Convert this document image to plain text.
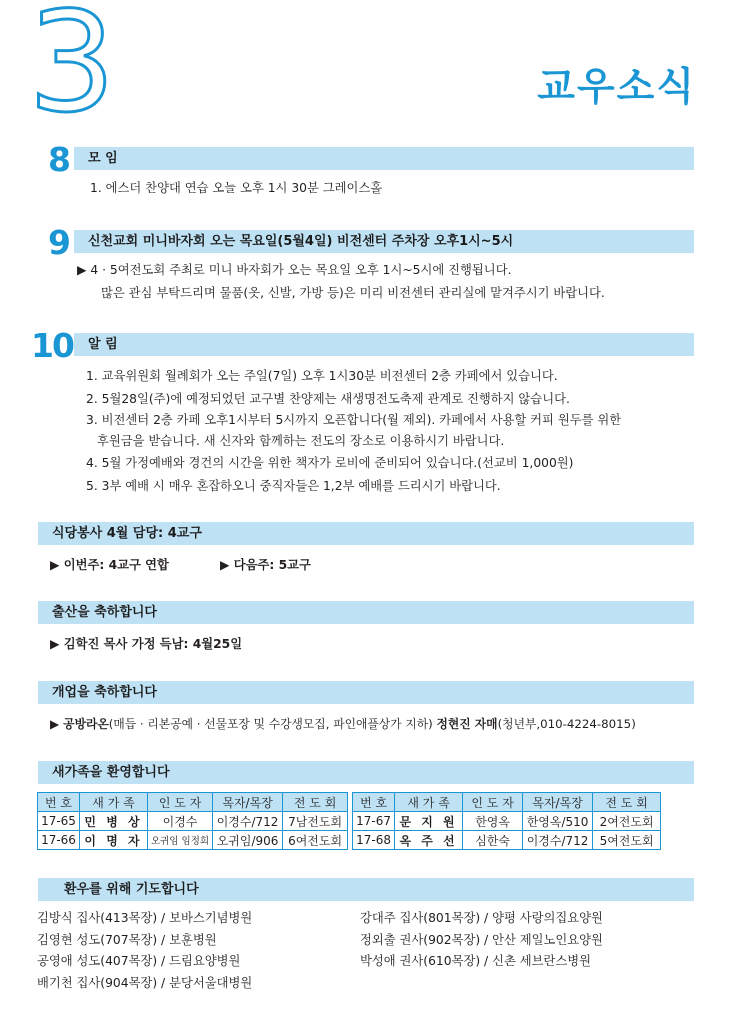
3	교우소식
8	모 임
1. 에스더 찬양대 연습 오늘 오후 1시 30분 그레이스홀
9	신천교회 미니바자회 오는 목요일(5월4일) 비전센터 주차장 오후1시~5시
▶ 4 · 5여전도회 주최로 미니 바자회가 오는 목요일 오후 1시~5시에 진행됩니다.
많은 관심 부탁드리며 물품(옷, 신발, 가방 등)은 미리 비전센터 관리실에 맡겨주시기 바랍니다.
10	알 림
1. 교육위원회 월례회가 오는 주일(7일) 오후 1시30분 비전센터 2층 카페에서 있습니다.
2. 5월28일(주)에 예정되었던 교구별 찬양제는 새생명전도축제 관계로 진행하지 않습니다.
3. 비전센터 2층 카페 오후1시부터 5시까지 오픈합니다(월 제외). 카페에서 사용할 커피 원두를 위한
후원금을 받습니다. 새 신자와 함께하는 전도의 장소로 이용하시기 바랍니다.
4. 5월 가정예배와 경건의 시간을 위한 책자가 로비에 준비되어 있습니다.(선교비 1,000원)
5. 3부 예배 시 매우 혼잡하오니 중직자들은 1,2부 예배를 드리시기 바랍니다.
식당봉사 4월 담당: 4교구
▶ 이번주: 4교구 연합	▶ 다음주: 5교구
출산을 축하합니다
▶ 김학진 목사 가정 득남: 4월25일
개업을 축하합니다
▶ 공방라온(매듭 · 리본공예 · 선물포장 및 수강생모집, 파인애플상가 지하) 정현진 자매(청년부,010-4224-8015)
새가족을 환영합니다
번 호	새 가 족	인 도 자	목자/목장	전 도 회		번 호	새 가 족	인 도 자	목자/목장	전 도 회
17-65	민 병 상	이경수	이경수/712	7남전도회		17-67	문 지 원	한영옥	한영옥/510	2여전도회
17-66	이 명 자	오귀임 임정희	오귀임/906	6여전도회		17-68	옥 주 선	심한숙	이경수/712	5여전도회
환우를 위해 기도합니다
김방식 집사(413목장) / 보바스기념병원
김영현 성도(707목장) / 보훈병원
공영애 성도(407목장) / 드림요양병원
배기천 집사(904목장) / 분당서울대병원
강대주 집사(801목장) / 양평 사랑의집요양원
정외출 권사(902목장) / 안산 제일노인요양원
박성애 권사(610목장) / 신촌 세브란스병원
